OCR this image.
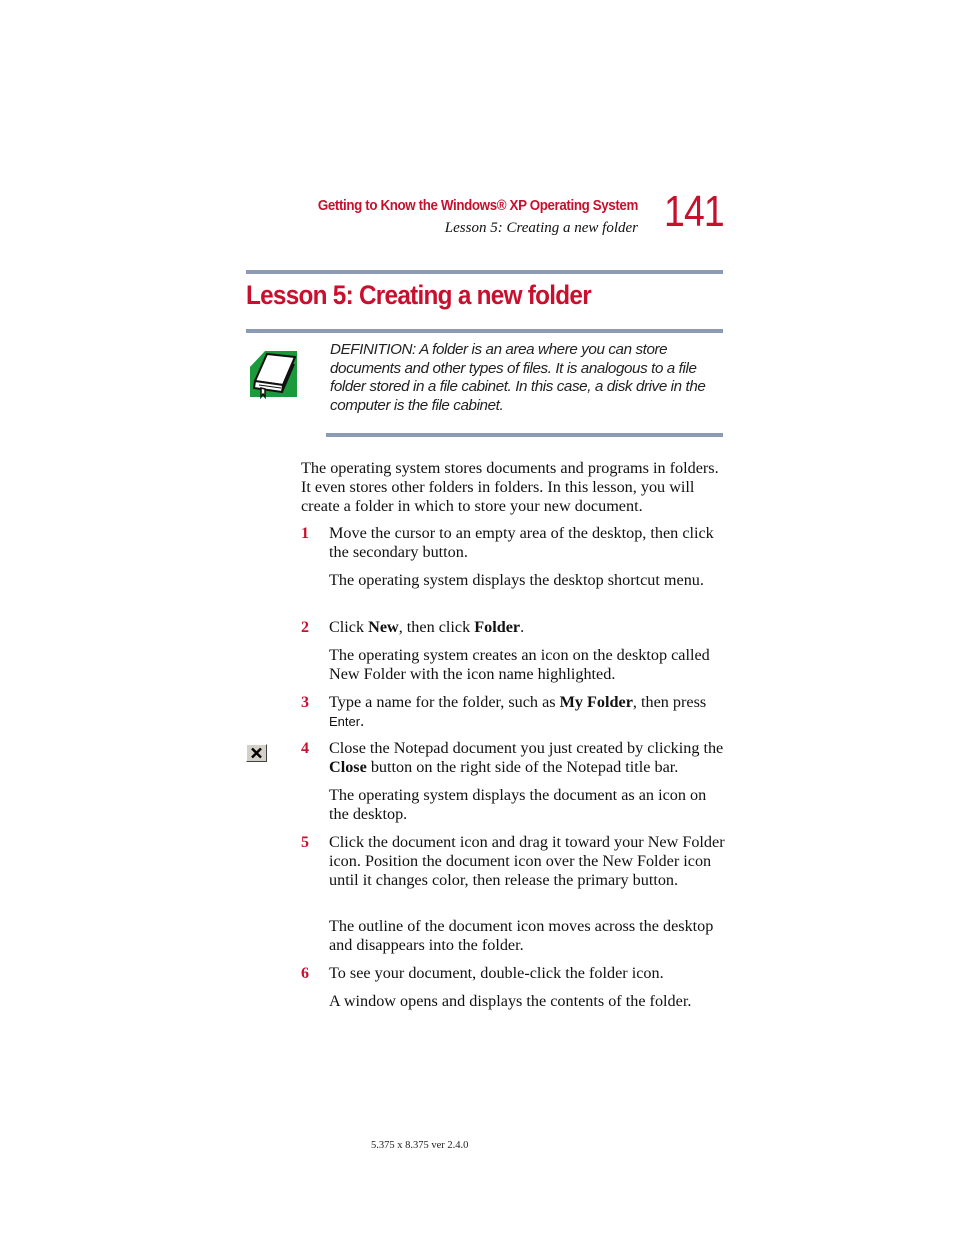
Getting to Know the Windows® XP Operating System
Lesson 5: Creating a new folder 141
Lesson 5: Creating a new folder
DEFINITION: A folder is an area where you can store documents and other types of files. It is analogous to a file folder stored in a file cabinet. In this case, a disk drive in the computer is the file cabinet.
The operating system stores documents and programs in folders. It even stores other folders in folders. In this lesson, you will create a folder in which to store your new document.
1 Move the cursor to an empty area of the desktop, then click the secondary button.
The operating system displays the desktop shortcut menu.
2 Click New, then click Folder.
The operating system creates an icon on the desktop called New Folder with the icon name highlighted.
3 Type a name for the folder, such as My Folder, then press Enter.
4 Close the Notepad document you just created by clicking the Close button on the right side of the Notepad title bar.
The operating system displays the document as an icon on the desktop.
5 Click the document icon and drag it toward your New Folder icon. Position the document icon over the New Folder icon until it changes color, then release the primary button.
The outline of the document icon moves across the desktop and disappears into the folder.
6 To see your document, double-click the folder icon.
A window opens and displays the contents of the folder.
5.375 x 8.375 ver 2.4.0
